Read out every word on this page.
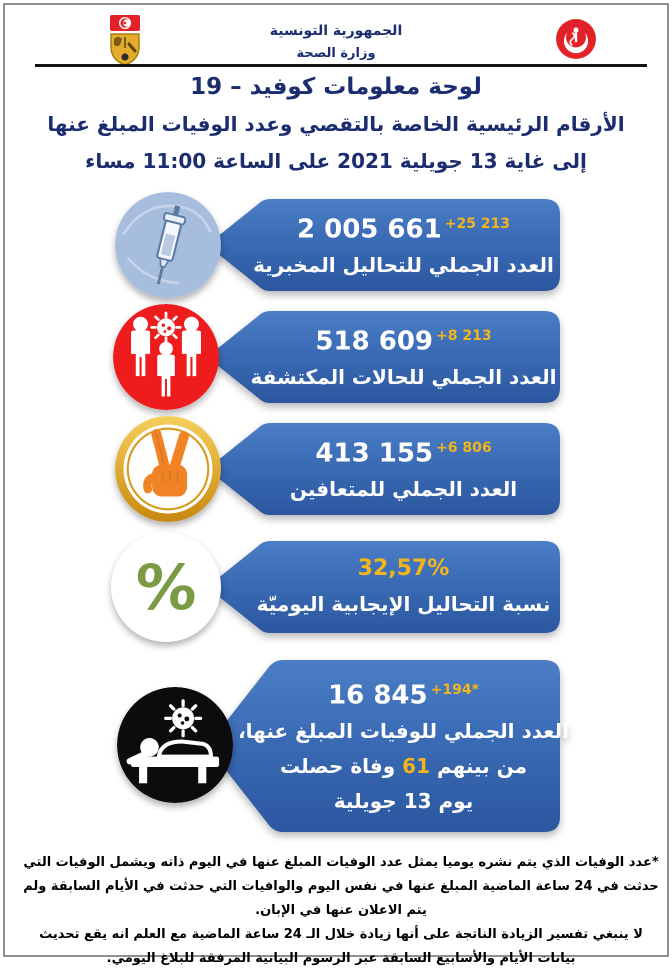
الجمهورية التونسية
وزارة الصحة
لوحة معلومات كوفيد – 19
الأرقام الرئيسية الخاصة بالتقصي وعدد الوفيات المبلغ عنها
إلى غاية 13 جويلية 2021 على الساعة 11:00 مساء
2 005 661 $^{+25 213}$
العدد الجملي للتحاليل المخبرية
518 609 $^{+8 213}$
العدد الجملي للحالات المكتشفة
413 155 $^{+6 806}$
العدد الجملي للمتعافين
32,57%
نسبة التحاليل الإيجابية اليوميّة
%
16 845 $^{+194*}$
العدد الجملي للوفيات المبلغ عنها،
من بينهم 61 وفاة حصلت
يوم 13 جويلية
*عدد الوفيات الذي يتم نشره يوميا يمثل عدد الوفيات المبلغ عنها في اليوم ذاته ويشمل الوفيات التي حدثت في 24 ساعة الماضية المبلغ عنها في نفس اليوم والوافيات التي حدثت في الأيام السابقة ولم يتم الاعلان عنها في الإبان.
لا ينبغي تفسير الزيادة الناتجة على أنها زيادة خلال الـ 24 ساعة الماضية مع العلم انه يقع تحديث بيانات الأيام والأسابيع السابقة عبر الرسوم البيانية المرفقة للبلاغ اليومي.
